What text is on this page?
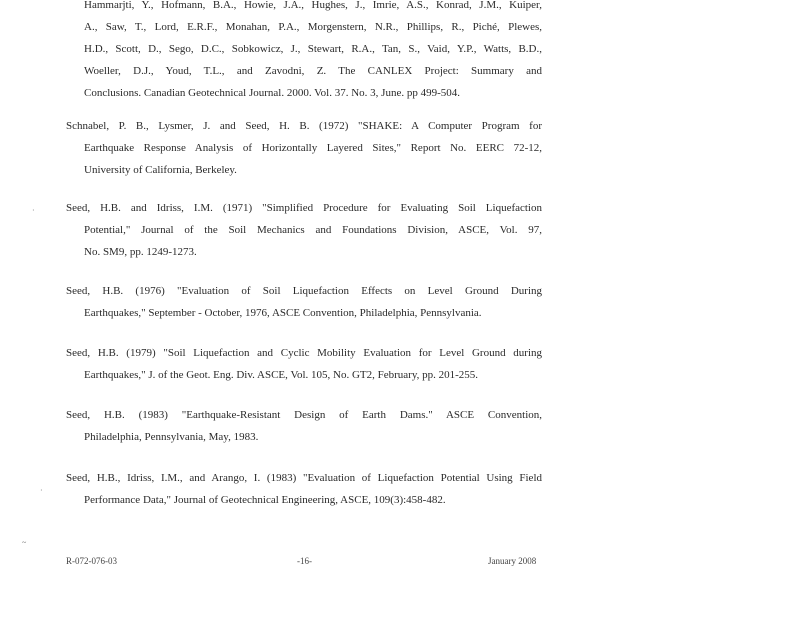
Hammarjti, Y., Hofmann, B.A., Howie, J.A., Hughes, J., Imrie, A.S., Konrad, J.M., Kuiper,
A., Saw, T., Lord, E.R.F., Monahan, P.A., Morgenstern, N.R., Phillips, R., Piché, Plewes,
H.D., Scott, D., Sego, D.C., Sobkowicz, J., Stewart, R.A., Tan, S., Vaid, Y.P., Watts, B.D.,
Woeller, D.J., Youd, T.L., and Zavodni, Z. The CANLEX Project: Summary and
Conclusions. Canadian Geotechnical Journal. 2000. Vol. 37. No. 3, June. pp 499-504.
Schnabel, P. B., Lysmer, J. and Seed, H. B. (1972) "SHAKE: A Computer Program for
Earthquake Response Analysis of Horizontally Layered Sites," Report No. EERC 72-12,
University of California, Berkeley.
Seed, H.B. and Idriss, I.M. (1971) "Simplified Procedure for Evaluating Soil Liquefaction
Potential," Journal of the Soil Mechanics and Foundations Division, ASCE, Vol. 97,
No. SM9, pp. 1249-1273.
Seed, H.B. (1976) "Evaluation of Soil Liquefaction Effects on Level Ground During
Earthquakes," September - October, 1976, ASCE Convention, Philadelphia, Pennsylvania.
Seed, H.B. (1979) "Soil Liquefaction and Cyclic Mobility Evaluation for Level Ground during
Earthquakes," J. of the Geot. Eng. Div. ASCE, Vol. 105, No. GT2, February, pp. 201-255.
Seed, H.B. (1983) "Earthquake-Resistant Design of Earth Dams." ASCE Convention,
Philadelphia, Pennsylvania, May, 1983.
Seed, H.B., Idriss, I.M., and Arango, I. (1983) "Evaluation of Liquefaction Potential Using Field
Performance Data," Journal of Geotechnical Engineering, ASCE, 109(3):458-482.
·
·
~
R-072-076-03	-16-	January 2008
